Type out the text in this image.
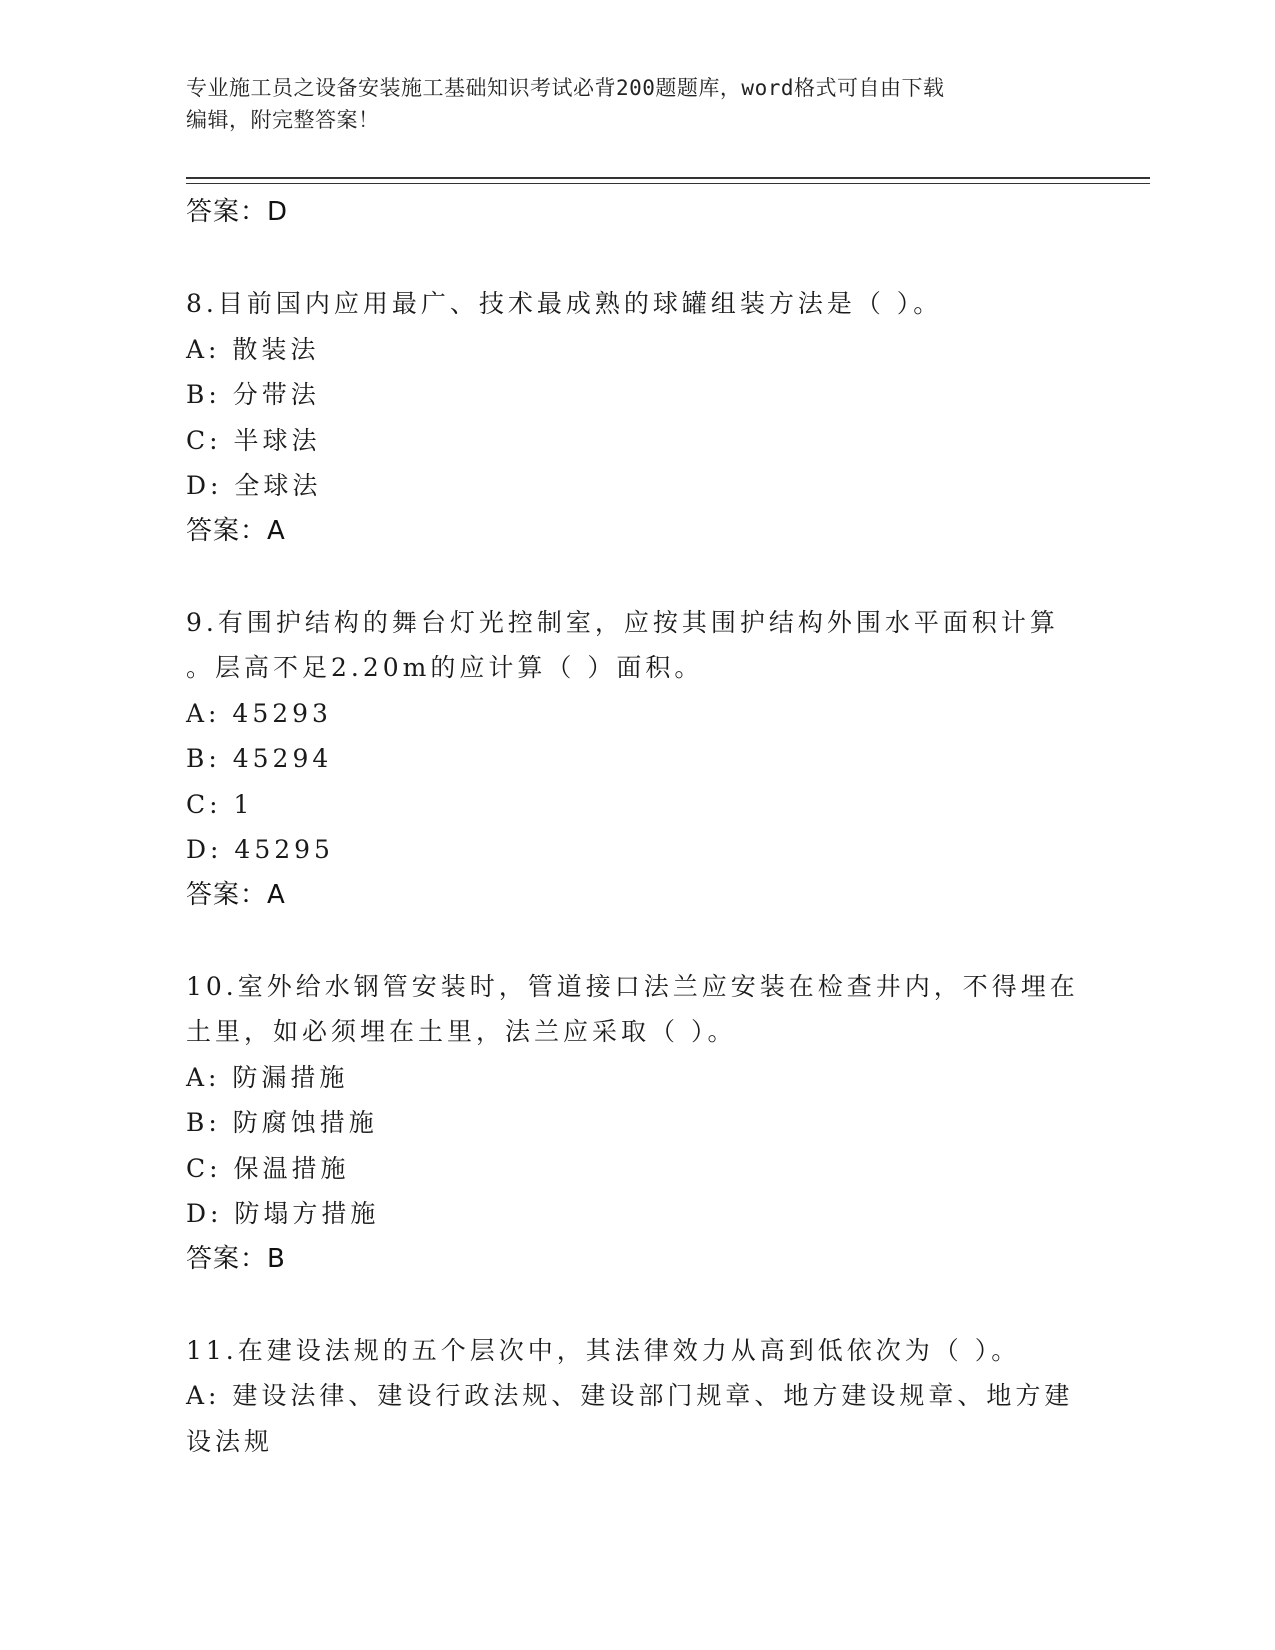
专业施工员之设备安装施工基础知识考试必背200题题库，word格式可自由下载
编辑，附完整答案！
答案：D
8.目前国内应用最广、技术最成熟的球罐组装方法是（ ）。
A: 散装法
B: 分带法
C: 半球法
D: 全球法
答案：A
9.有围护结构的舞台灯光控制室，应按其围护结构外围水平面积计算
。层高不足2.20m的应计算（ ）面积。
A: 45293
B: 45294
C: 1
D: 45295
答案：A
10.室外给水钢管安装时，管道接口法兰应安装在检查井内，不得埋在
土里，如必须埋在土里，法兰应采取（ ）。
A: 防漏措施
B: 防腐蚀措施
C: 保温措施
D: 防塌方措施
答案：B
11.在建设法规的五个层次中，其法律效力从高到低依次为（ ）。
A: 建设法律、建设行政法规、建设部门规章、地方建设规章、地方建
设法规
